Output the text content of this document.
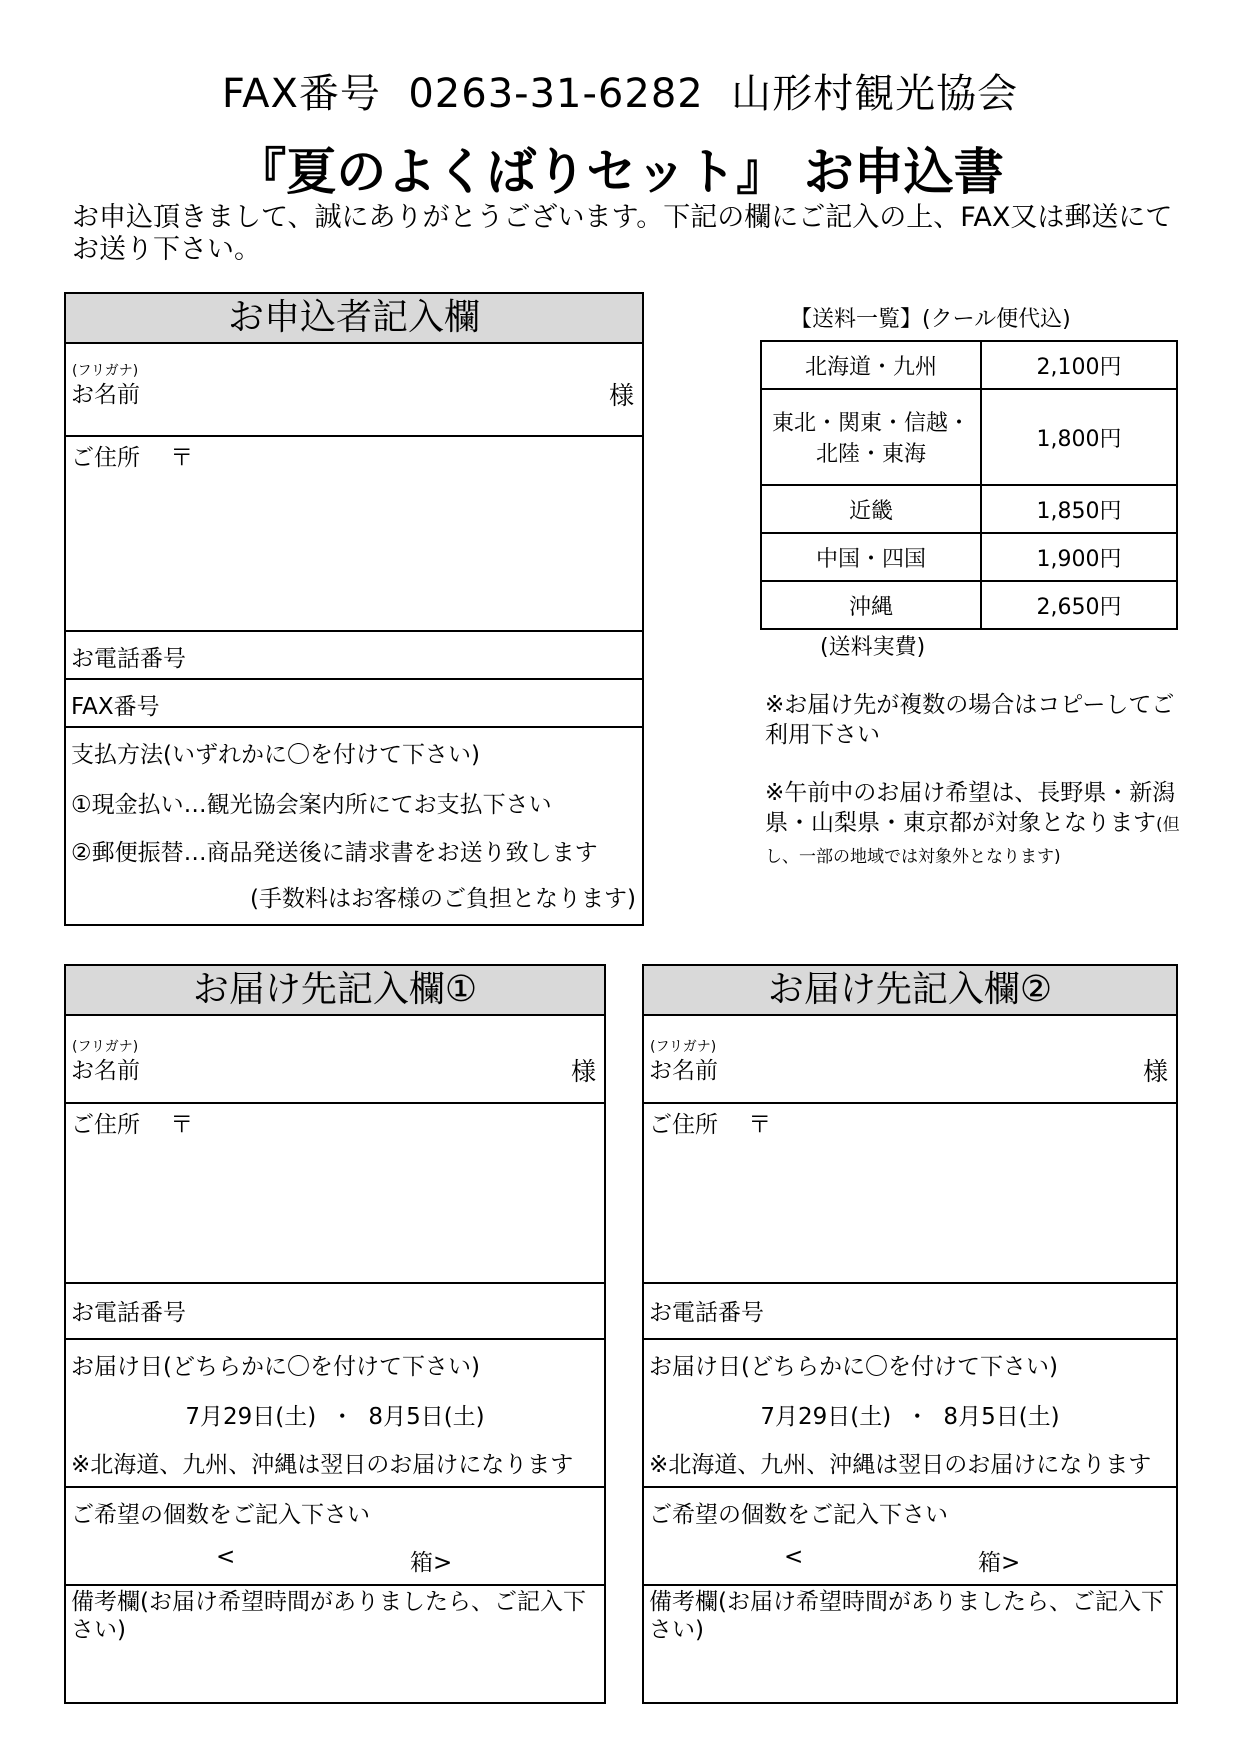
FAX番号  0263-31-6282  山形村観光協会
『夏のよくばりセット』 お申込書
お申込頂きまして、誠にありがとうございます。下記の欄にご記入の上、FAX又は郵送にてお送り下さい。
お申込者記入欄
(フリガナ)
お名前	様
ご住所　 〒
お電話番号
FAX番号
支払方法(いずれかに〇を付けて下さい)
①現金払い…観光協会案内所にてお支払下さい
②郵便振替…商品発送後に請求書をお送り致します
(手数料はお客様のご負担となります)
【送料一覧】(クール便代込)
北海道・九州	2,100円
東北・関東・信越・
北陸・東海	1,800円
近畿	1,850円
中国・四国	1,900円
沖縄	2,650円
(送料実費)
※お届け先が複数の場合はコピーしてご利用下さい
※午前中のお届け希望は、長野県・新潟県・山梨県・東京都が対象となります(但し、一部の地域では対象外となります)
お届け先記入欄①
(フリガナ)
お名前	様
ご住所　 〒
お電話番号
お届け日(どちらかに〇を付けて下さい)
7月29日(土)  ・  8月5日(土)
※北海道、九州、沖縄は翌日のお届けになります
ご希望の個数をご記入下さい
<	箱>
備考欄(お届け希望時間がありましたら、ご記入下さい)
お届け先記入欄②
(フリガナ)
お名前	様
ご住所　 〒
お電話番号
お届け日(どちらかに〇を付けて下さい)
7月29日(土)  ・  8月5日(土)
※北海道、九州、沖縄は翌日のお届けになります
ご希望の個数をご記入下さい
<	箱>
備考欄(お届け希望時間がありましたら、ご記入下さい)
